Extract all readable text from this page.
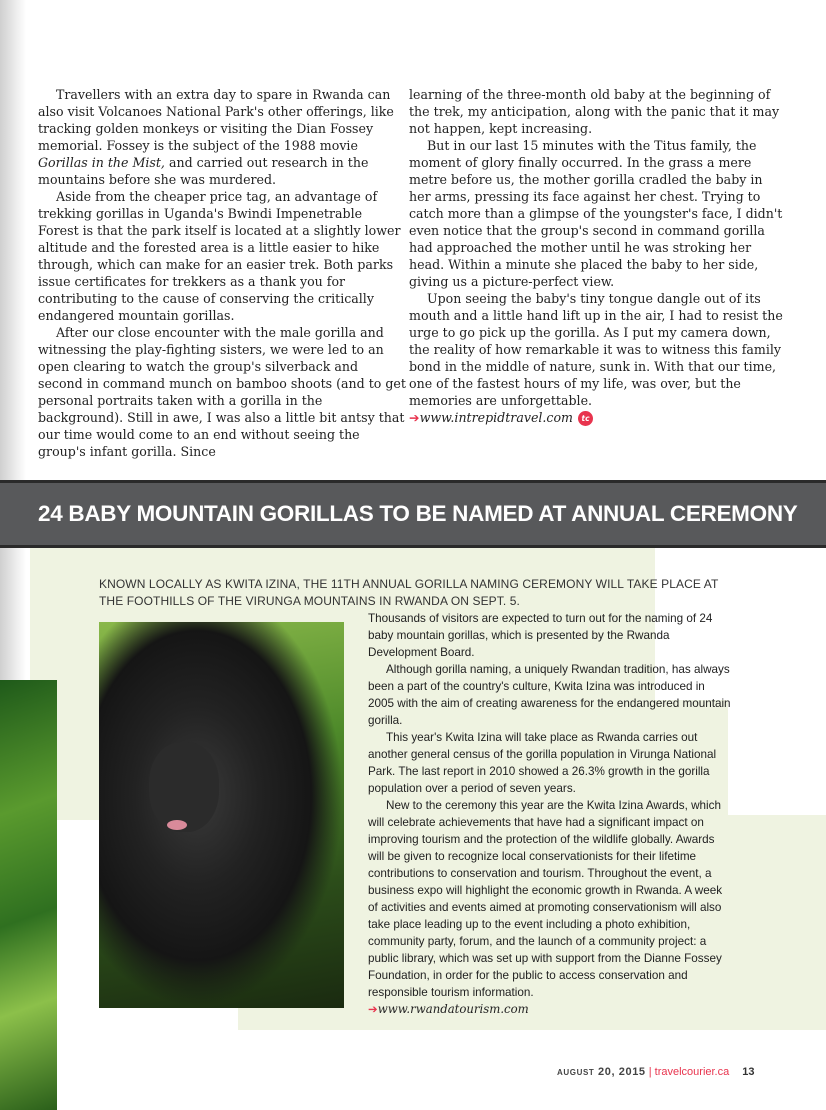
Travellers with an extra day to spare in Rwanda can also visit Volcanoes National Park's other offerings, like tracking golden monkeys or visiting the Dian Fossey memorial. Fossey is the subject of the 1988 movie Gorillas in the Mist, and carried out research in the mountains before she was murdered.

Aside from the cheaper price tag, an advantage of trekking gorillas in Uganda's Bwindi Impenetrable Forest is that the park itself is located at a slightly lower altitude and the forested area is a little easier to hike through, which can make for an easier trek. Both parks issue certificates for trekkers as a thank you for contributing to the cause of conserving the critically endangered mountain gorillas.

After our close encounter with the male gorilla and witnessing the play-fighting sisters, we were led to an open clearing to watch the group's silverback and second in command munch on bamboo shoots (and to get personal portraits taken with a gorilla in the background). Still in awe, I was also a little bit antsy that our time would come to an end without seeing the group's infant gorilla. Since

learning of the three-month old baby at the beginning of the trek, my anticipation, along with the panic that it may not happen, kept increasing.

But in our last 15 minutes with the Titus family, the moment of glory finally occurred. In the grass a mere metre before us, the mother gorilla cradled the baby in her arms, pressing its face against her chest. Trying to catch more than a glimpse of the youngster's face, I didn't even notice that the group's second in command gorilla had approached the mother until he was stroking her head. Within a minute she placed the baby to her side, giving us a picture-perfect view.

Upon seeing the baby's tiny tongue dangle out of its mouth and a little hand lift up in the air, I had to resist the urge to go pick up the gorilla. As I put my camera down, the reality of how remarkable it was to witness this family bond in the middle of nature, sunk in. With that our time, one of the fastest hours of my life, was over, but the memories are unforgettable.

➔www.intrepidtravel.com tc

24 BABY MOUNTAIN GORILLAS TO BE NAMED AT ANNUAL CEREMONY
KNOWN LOCALLY AS KWITA IZINA, THE 11TH ANNUAL GORILLA NAMING CEREMONY WILL TAKE PLACE AT THE FOOTHILLS OF THE VIRUNGA MOUNTAINS IN RWANDA ON SEPT. 5.

Thousands of visitors are expected to turn out for the naming of 24 baby mountain gorillas, which is presented by the Rwanda Development Board.

Although gorilla naming, a uniquely Rwandan tradition, has always been a part of the country's culture, Kwita Izina was introduced in 2005 with the aim of creating awareness for the endangered mountain gorilla.

This year's Kwita Izina will take place as Rwanda carries out another general census of the gorilla population in Virunga National Park. The last report in 2010 showed a 26.3% growth in the gorilla population over a period of seven years.

New to the ceremony this year are the Kwita Izina Awards, which will celebrate achievements that have had a significant impact on improving tourism and the protection of the wildlife globally. Awards will be given to recognize local conservationists for their lifetime contributions to conservation and tourism. Throughout the event, a business expo will highlight the economic growth in Rwanda. A week of activities and events aimed at promoting conservationism will also take place leading up to the event including a photo exhibition, community party, forum, and the launch of a community project: a public library, which was set up with support from the Dianne Fossey Foundation, in order for the public to access conservation and responsible tourism information.

➔www.rwandatourism.com

august 20, 2015 | travelcourier.ca 13
